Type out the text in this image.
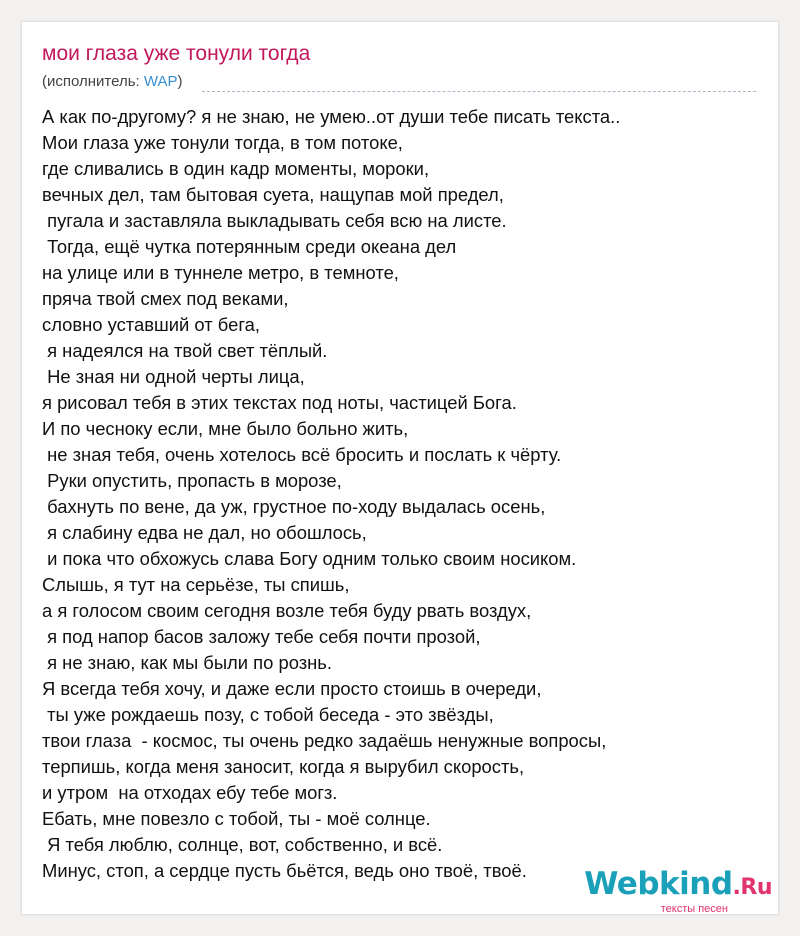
мои глаза уже тонули тогда
(исполнитель: WAP)
А как по-другому? я не знаю, не умею..от души тебе писать текста..
Мои глаза уже тонули тогда, в том потоке,
где сливались в один кадр моменты, мороки,
вечных дел, там бытовая суета, нащупав мой предел,
пугала и заставляла выкладывать себя всю на листе.
Тогда, ещё чутка потерянным среди океана дел
на улице или в туннеле метро, в темноте,
пряча твой смех под веками,
словно уставший от бега,
я надеялся на твой свет тёплый.
Не зная ни одной черты лица,
я рисовал тебя в этих текстах под ноты, частицей Бога.
И по чесноку если, мне было больно жить,
не зная тебя, очень хотелось всё бросить и послать к чёрту.
Руки опустить, пропасть в морозе,
бахнуть по вене, да уж, грустное по-ходу выдалась осень,
я слабину едва не дал, но обошлось,
и пока что обхожусь слава Богу одним только своим носиком.
Слышь, я тут на серьёзе, ты спишь,
а я голосом своим сегодня возле тебя буду рвать воздух,
я под напор басов заложу тебе себя почти прозой,
я не знаю, как мы были по рознь.
Я всегда тебя хочу, и даже если просто стоишь в очереди,
ты уже рождаешь позу, с тобой беседа - это звёзды,
твои глаза  - космос, ты очень редко задаёшь ненужные вопросы,
терпишь, когда меня заносит, когда я вырубил скорость,
и утром  на отходах ебу тебе могз.
Ебать, мне повезло с тобой, ты - моё солнце.
Я тебя люблю, солнце, вот, собственно, и всё.
Минус, стоп, а сердце пусть бьётся, ведь оно твоё, твоё.	Webkind.Ru
тексты песен
